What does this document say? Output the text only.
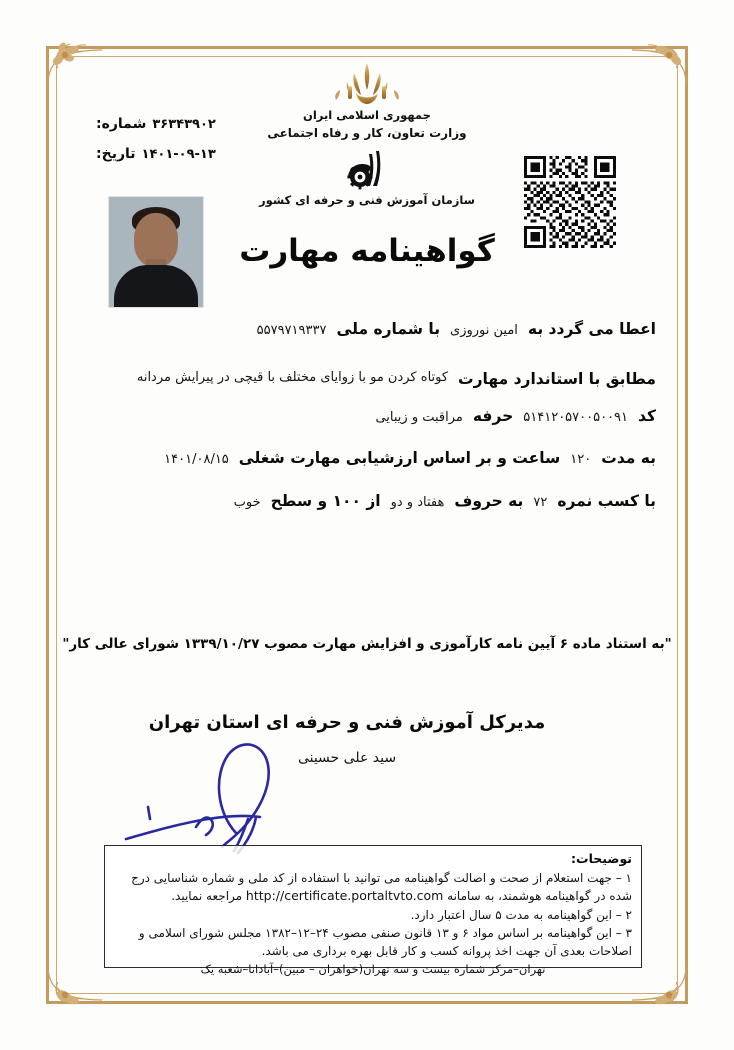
جمهوری اسلامی ایران
وزارت تعاون، کار و رفاه اجتماعی
سازمان آموزش فنی و حرفه ای کشور
شماره: ۳۶۳۴۳۹۰۲
تاریخ: ۱۴۰۱-۰۹-۱۳
گواهینامه مهارت
اعطا می گردد به
امین نوروزی
با شماره ملی
۵۵۷۹۷۱۹۳۳۷
مطابق با استاندارد مهارت
کوتاه کردن مو با زوایای مختلف با قیچی در پیرایش مردانه
کد
۵۱۴۱۲۰۵۷۰۰۵۰۰۹۱
حرفه
مراقبت و زیبایی
به مدت
۱۲۰
ساعت و بر اساس ارزشیابی مهارت شغلی
۱۴۰۱/۰۸/۱۵
با کسب نمره
۷۲
به حروف
هفتاد و دو
از ۱۰۰ و سطح
خوب
"به استناد ماده ۶ آیین نامه کارآموزی و افزایش مهارت مصوب ۱۳۳۹/۱۰/۲۷ شورای عالی کار"
مدیرکل آموزش فنی و حرفه ای استان تهران
سید علی حسینی
توضیحات:
۱ – جهت استعلام از صحت و اصالت گواهینامه می توانید با استفاده از کد ملی و شماره شناسایی درج شده در گواهینامه هوشمند، به سامانه http://certificate.portaltvto.com مراجعه نمایید.
۲ – این گواهینامه به مدت ۵ سال اعتبار دارد.
۳ – این گواهینامه بر اساس مواد ۶ و ۱۳ قانون صنفی مصوب ۲۴–۱۲–۱۳۸۲ مجلس شورای اسلامی و اصلاحات بعدی آن جهت اخذ پروانه کسب و کار قابل بهره برداری می باشد.
تهران–مرکز شماره بیست و سه تهران(خواهران – مبین)–آبادانا–شعبه یک
